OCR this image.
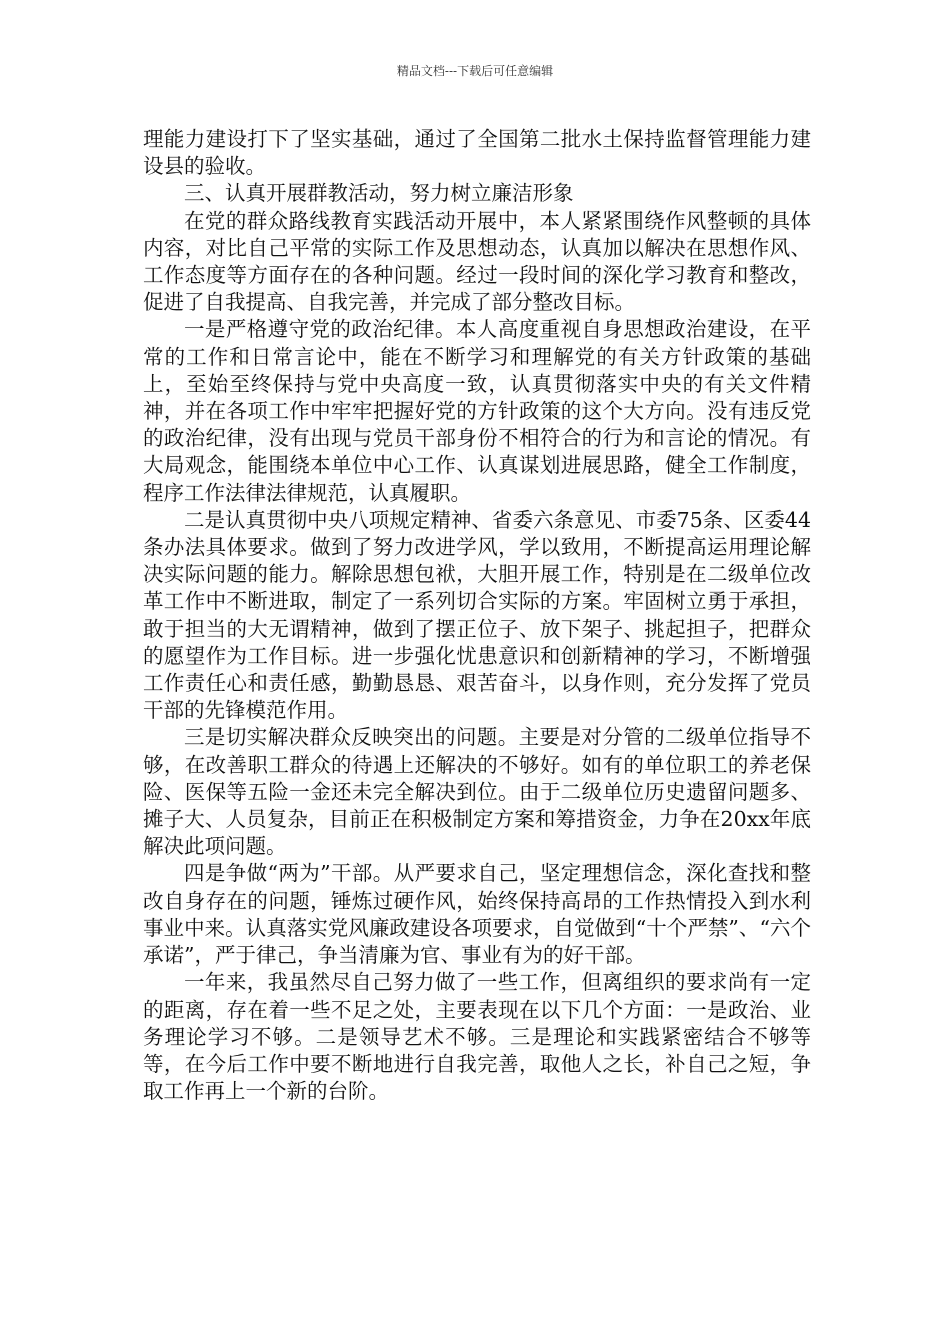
精品文档---下载后可任意编辑

理能力建设打下了坚实基础，通过了全国第二批水土保持监督管理能力建设县的验收。

三、认真开展群教活动，努力树立廉洁形象

在党的群众路线教育实践活动开展中，本人紧紧围绕作风整顿的具体内容，对比自己平常的实际工作及思想动态，认真加以解决在思想作风、工作态度等方面存在的各种问题。经过一段时间的深化学习教育和整改，促进了自我提高、自我完善，并完成了部分整改目标。

一是严格遵守党的政治纪律。本人高度重视自身思想政治建设，在平常的工作和日常言论中，能在不断学习和理解党的有关方针政策的基础上，至始至终保持与党中央高度一致，认真贯彻落实中央的有关文件精神，并在各项工作中牢牢把握好党的方针政策的这个大方向。没有违反党的政治纪律，没有出现与党员干部身份不相符合的行为和言论的情况。有大局观念，能围绕本单位中心工作、认真谋划进展思路，健全工作制度，程序工作法律法律规范，认真履职。

二是认真贯彻中央八项规定精神、省委六条意见、市委75条、区委44条办法具体要求。做到了努力改进学风，学以致用，不断提高运用理论解决实际问题的能力。解除思想包袱，大胆开展工作，特别是在二级单位改革工作中不断进取，制定了一系列切合实际的方案。牢固树立勇于承担，敢于担当的大无谓精神，做到了摆正位子、放下架子、挑起担子，把群众的愿望作为工作目标。进一步强化忧患意识和创新精神的学习，不断增强工作责任心和责任感，勤勤恳恳、艰苦奋斗，以身作则，充分发挥了党员干部的先锋模范作用。

三是切实解决群众反映突出的问题。主要是对分管的二级单位指导不够，在改善职工群众的待遇上还解决的不够好。如有的单位职工的养老保险、医保等五险一金还未完全解决到位。由于二级单位历史遗留问题多、摊子大、人员复杂，目前正在积极制定方案和筹措资金，力争在20xx年底解决此项问题。

四是争做“两为”干部。从严要求自己，坚定理想信念，深化查找和整改自身存在的问题，锤炼过硬作风，始终保持高昂的工作热情投入到水利事业中来。认真落实党风廉政建设各项要求，自觉做到“十个严禁”、“六个承诺”，严于律己，争当清廉为官、事业有为的好干部。

一年来，我虽然尽自己努力做了一些工作，但离组织的要求尚有一定的距离，存在着一些不足之处，主要表现在以下几个方面：一是政治、业务理论学习不够。二是领导艺术不够。三是理论和实践紧密结合不够等等，在今后工作中要不断地进行自我完善，取他人之长，补自己之短，争取工作再上一个新的台阶。
